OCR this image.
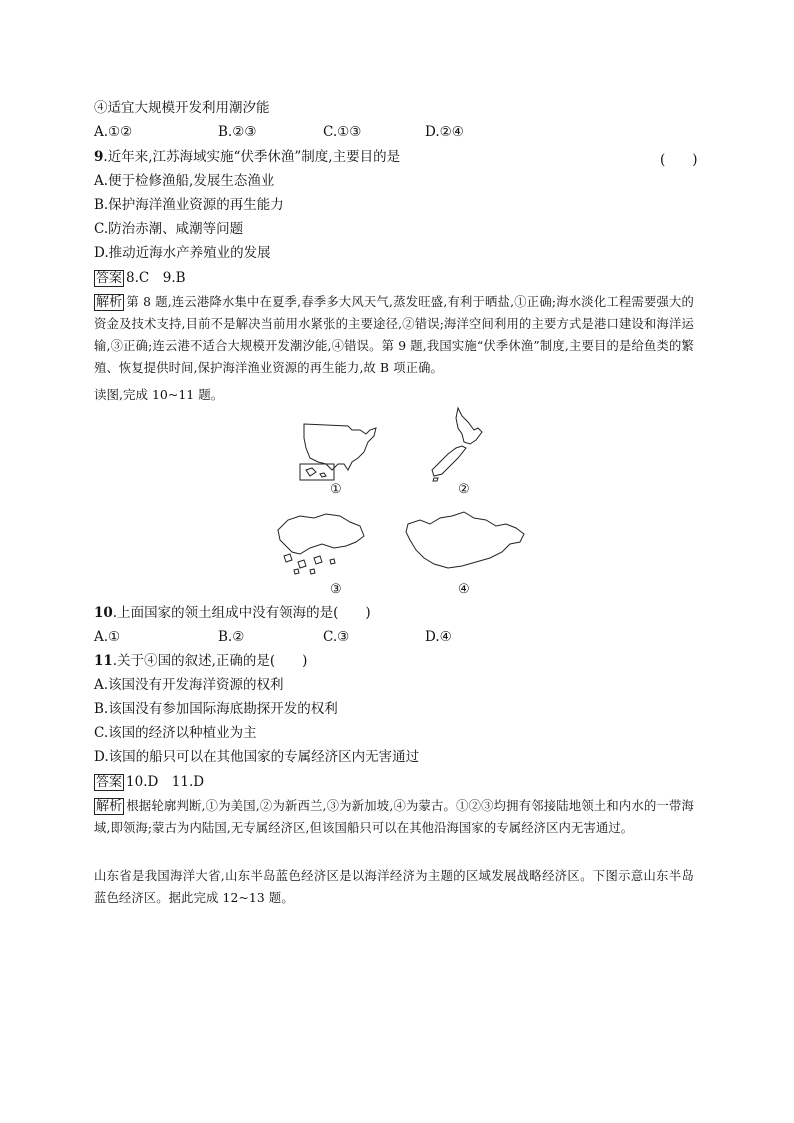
④适宜大规模开发利用潮汐能
A.①②	B.②③	C.①③	D.②④
9.近年来,江苏海域实施“伏季休渔”制度,主要目的是	(　　)
A.便于检修渔船,发展生态渔业
B.保护海洋渔业资源的再生能力
C.防治赤潮、咸潮等问题
D.推动近海水产养殖业的发展
答案 8.C　9.B
解析 第 8 题,连云港降水集中在夏季,春季多大风天气,蒸发旺盛,有利于晒盐,①正确;海水淡化工程需要强大的资金及技术支持,目前不是解决当前用水紧张的主要途径,②错误;海洋空间利用的主要方式是港口建设和海洋运输,③正确;连云港不适合大规模开发潮汐能,④错误。第 9 题,我国实施“伏季休渔”制度,主要目的是给鱼类的繁殖、恢复提供时间,保护海洋渔业资源的再生能力,故 B 项正确。
读图,完成 10~11 题。
①	②
③	④
10.上面国家的领土组成中没有领海的是(　　)
A.①	B.②	C.③	D.④
11.关于④国的叙述,正确的是(　　)
A.该国没有开发海洋资源的权利
B.该国没有参加国际海底勘探开发的权利
C.该国的经济以种植业为主
D.该国的船只可以在其他国家的专属经济区内无害通过
答案 10.D　11.D
解析 根据轮廓判断,①为美国,②为新西兰,③为新加坡,④为蒙古。①②③均拥有邻接陆地领土和内水的一带海域,即领海;蒙古为内陆国,无专属经济区,但该国船只可以在其他沿海国家的专属经济区内无害通过。
山东省是我国海洋大省,山东半岛蓝色经济区是以海洋经济为主题的区域发展战略经济区。下图示意山东半岛蓝色经济区。据此完成 12~13 题。
